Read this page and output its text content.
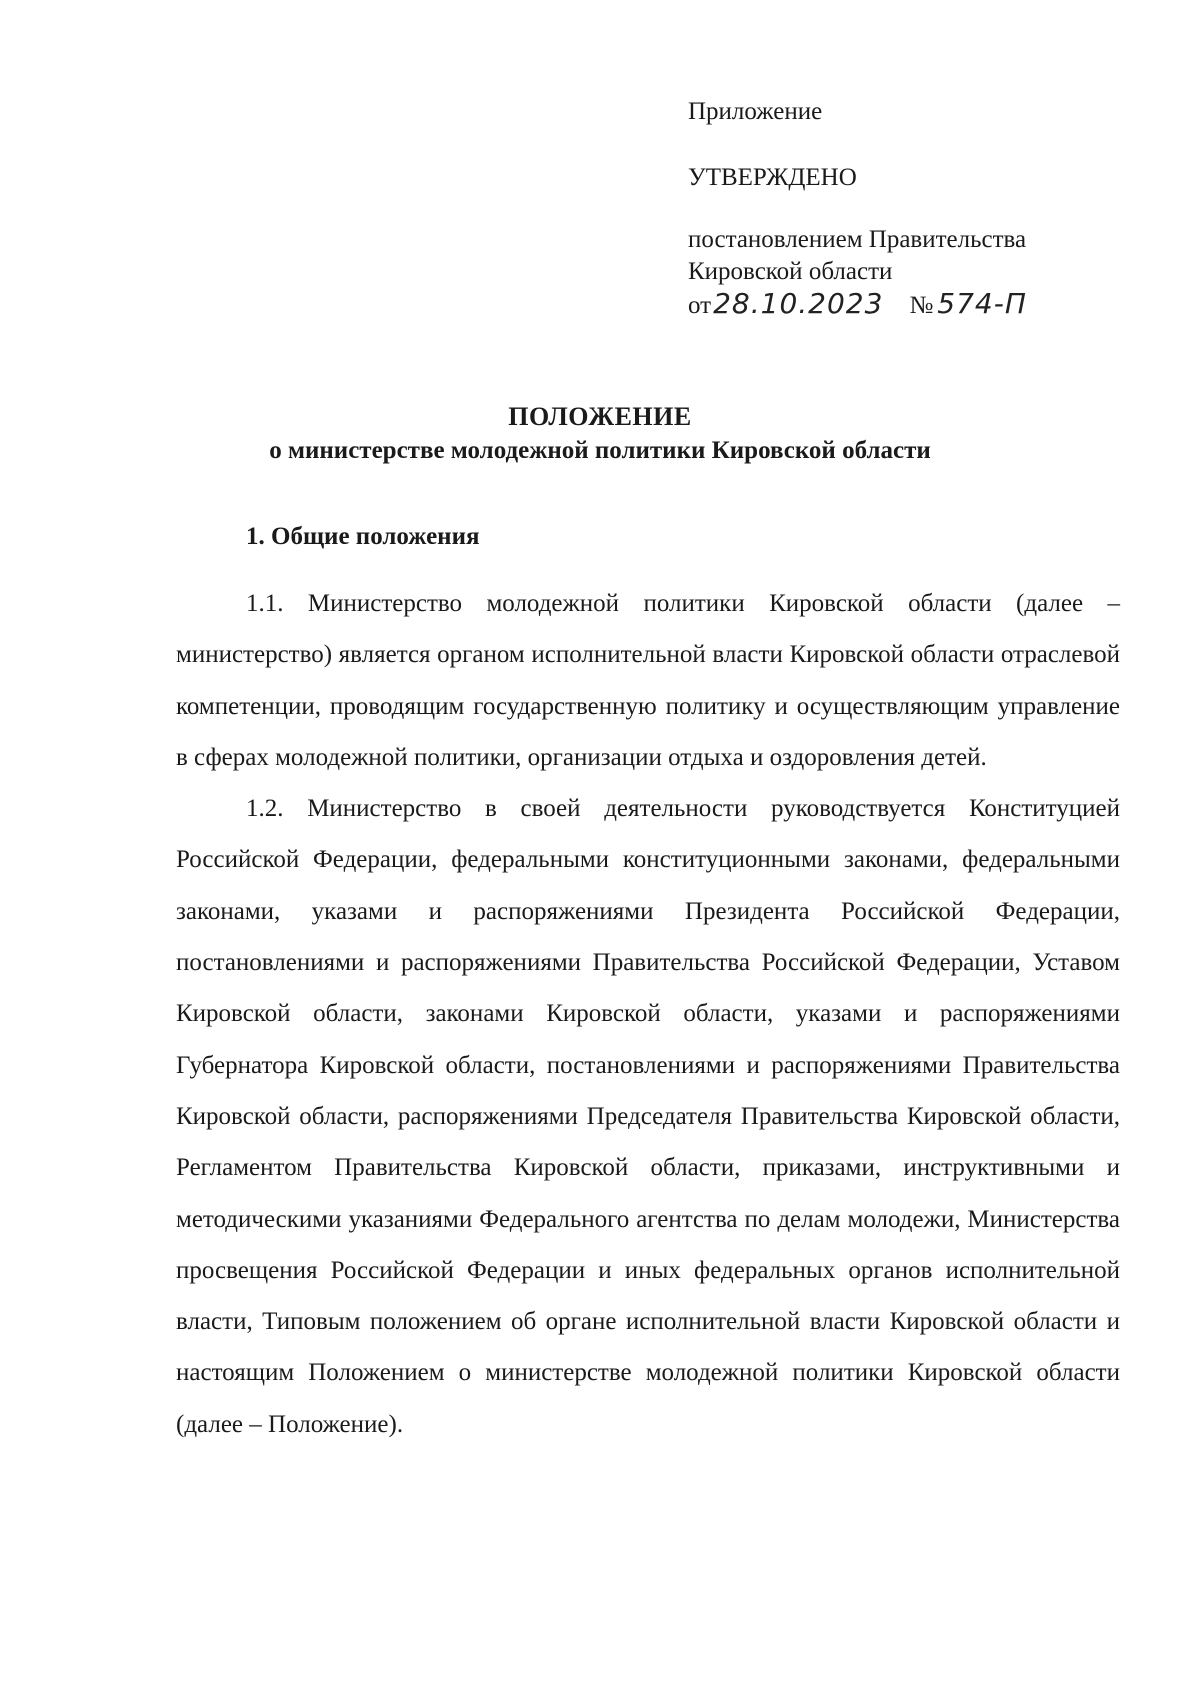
Приложение
УТВЕРЖДЕНО
постановлением Правительства
Кировской области
от28.10.2023 № 574-П
ПОЛОЖЕНИЕ
о министерстве молодежной политики Кировской области
1. Общие положения

1.1. Министерство молодежной политики Кировской области (далее – министерство) является органом исполнительной власти Кировской области отраслевой компетенции, проводящим государственную политику и осуществляющим управление в сферах молодежной политики, организации отдыха и оздоровления детей.

1.2. Министерство в своей деятельности руководствуется Конституцией Российской Федерации, федеральными конституционными законами, федеральными законами, указами и распоряжениями Президента Российской Федерации, постановлениями и распоряжениями Правительства Российской Федерации, Уставом Кировской области, законами Кировской области, указами и распоряжениями Губернатора Кировской области, постановлениями и распоряжениями Правительства Кировской области, распоряжениями Председателя Правительства Кировской области, Регламентом Правительства Кировской области, приказами, инструктивными и методическими указаниями Федерального агентства по делам молодежи, Министерства просвещения Российской Федерации и иных федеральных органов исполнительной власти, Типовым положением об органе исполнительной власти Кировской области и настоящим Положением о министерстве молодежной политики Кировской области (далее – Положение).
